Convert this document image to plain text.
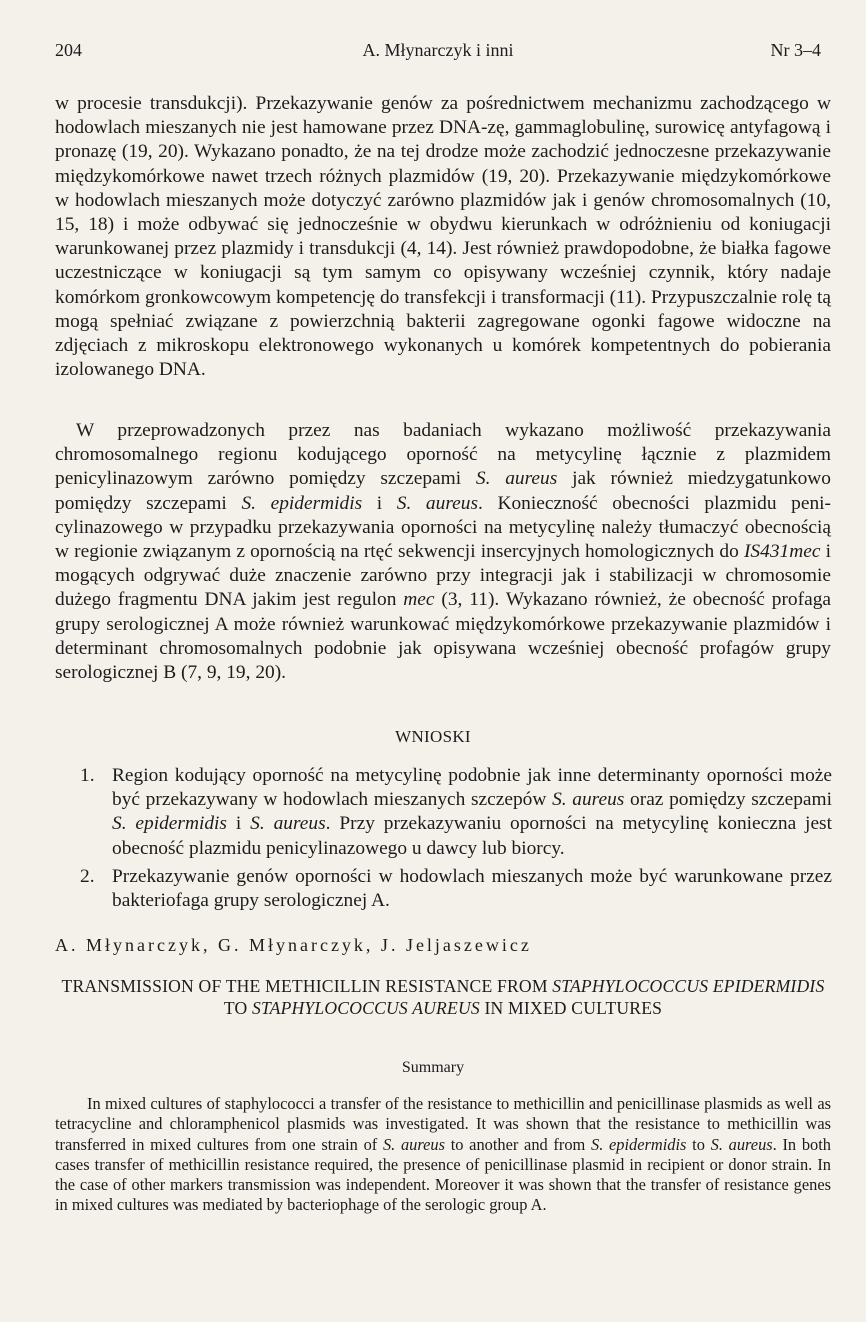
204	A. Młynarczyk i inni	Nr 3–4

w procesie transdukcji). Przekazywanie genów za pośrednictwem mechanizmu zachodzącego w hodowlach mieszanych nie jest hamowane przez DNA-zę, gammaglobulinę, surowicę antyfagową i pronazę (19, 20). Wykazano ponadto, że na tej drodze może zachodzić jednoczesne przekazywanie międzykomórkowe nawet trzech różnych plazmidów (19, 20). Przekazywanie międzykomórkowe w hodowlach mieszanych może dotyczyć zarówno plazmidów jak i genów chromosomalnych (10, 15, 18) i może odbywać się jednocześnie w obydwu kierunkach w odróżnieniu od koniugacji warunkowanej przez plazmidy i transdukcji (4, 14). Jest również prawdopodobne, że białka fagowe uczestniczące w koniugacji są tym samym co opisywany wcześniej czynnik, który nadaje komórkom gronkowcowym kompetencję do transfekcji i transformacji (11). Przypuszczalnie rolę tą mogą spełniać związane z powierzchnią bakterii zagregowane ogonki fagowe widoczne na zdjęciach z mikroskopu elektronowego wykonanych u komórek kompetentnych do pobierania izolowanego DNA.

W przeprowadzonych przez nas badaniach wykazano możliwość przekazywania chromosomalnego regionu kodującego oporność na metycylinę łącznie z plazmidem penicylinazowym zarówno pomiędzy szczepami S. aureus jak również miedzygatunkowo pomiędzy szczepami S. epidermidis i S. aureus. Konieczność obecności plazmidu penicylinazowego w przypadku przekazywania oporności na metycylinę należy tłumaczyć obecnością w regionie związanym z opornością na rtęć sekwencji insercyjnych homologicznych do IS431mec i mogących odgrywać duże znaczenie zarówno przy integracji jak i stabilizacji w chromosomie dużego fragmentu DNA jakim jest regulon mec (3, 11). Wykazano również, że obecność profaga grupy serologicznej A może również warunkować międzykomórkowe przekazywanie plazmidów i determinant chromosomalnych podobnie jak opisywana wcześniej obecność profagów grupy serologicznej B (7, 9, 19, 20).

WNIOSKI
1. Region kodujący oporność na metycylinę podobnie jak inne determinanty oporności może być przekazywany w hodowlach mieszanych szczepów S. aureus oraz pomiędzy szczepami S. epidermidis i S. aureus. Przy przekazywaniu oporności na metycylinę konieczna jest obecność plazmidu penicylinazowego u dawcy lub biorcy.
2. Przekazywanie genów oporności w hodowlach mieszanych może być warunkowane przez bakteriofaga grupy serologicznej A.
A. Młynarczyk, G. Młynarczyk, J. Jeljaszewicz
TRANSMISSION OF THE METHICILLIN RESISTANCE FROM STAPHYLOCOCCUS EPIDERMIDIS TO STAPHYLOCOCCUS AUREUS IN MIXED CULTURES
Summary

In mixed cultures of staphylococci a transfer of the resistance to methicillin and penicillinase plasmids as well as tetracycline and chloramphenicol plasmids was investigated. It was shown that the resistance to methicillin was transferred in mixed cultures from one strain of S. aureus to another and from S. epidermidis to S. aureus. In both cases transfer of methicillin resistance required, the presence of penicillinase plasmid in recipient or donor strain. In the case of other markers transmission was independent. Moreover it was shown that the transfer of resistance genes in mixed cultures was mediated by bacteriophage of the serologic group A.
